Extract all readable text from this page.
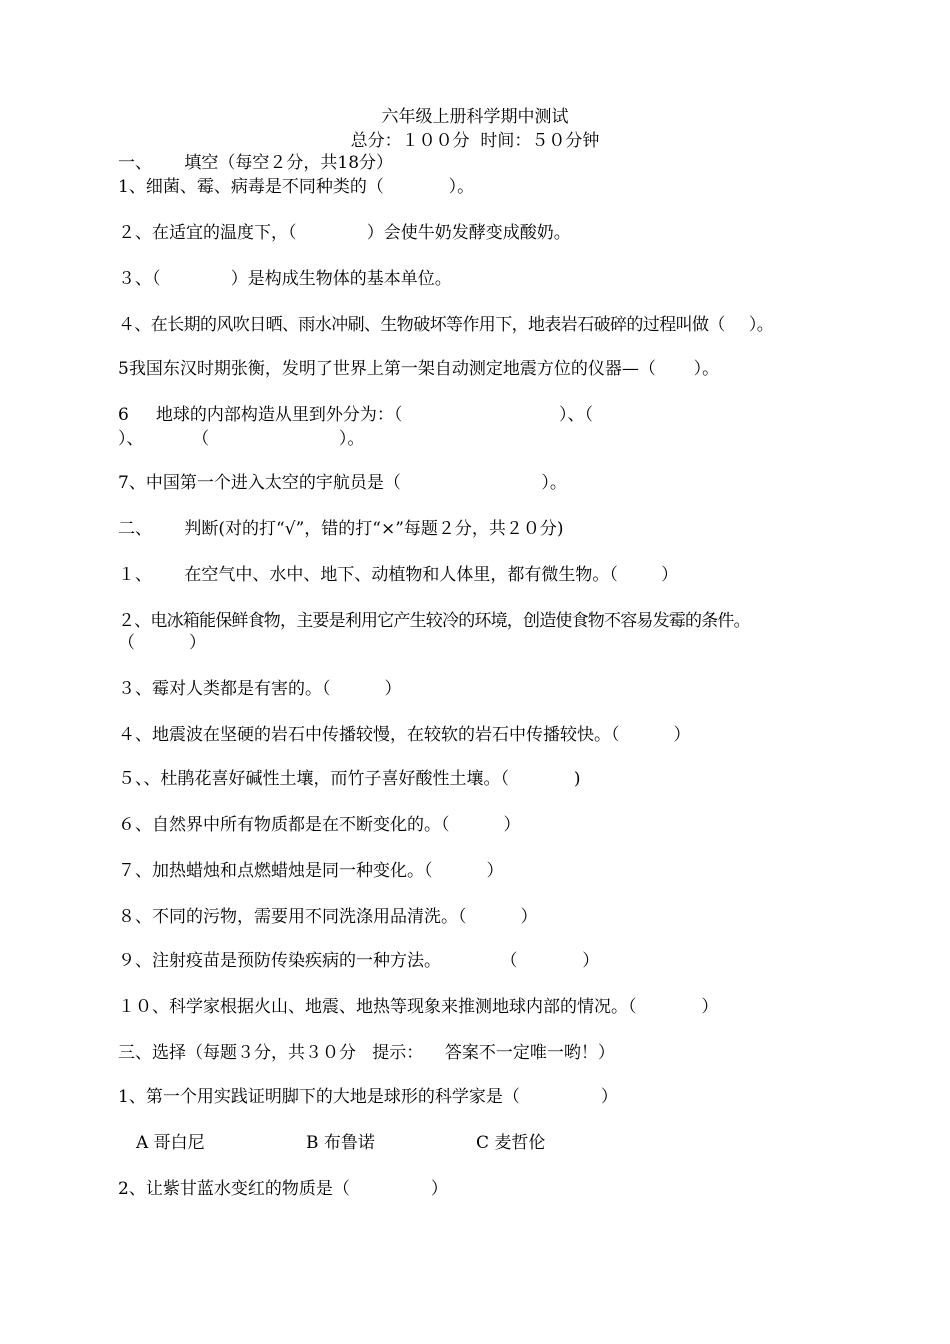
六年级上册科学期中测试
总分：１００分  时间：５０分钟
一、      填空（每空２分，共18分）
1、细菌、霉、病毒是不同种类的（            ）。
２、在适宜的温度下，（             ）会使牛奶发酵变成酸奶。
３、（             ）是构成生物体的基本单位。
４、在长期的风吹日晒、雨水冲刷、生物破坏等作用下，地表岩石破碎的过程叫做（     ）。
5我国东汉时期张衡，发明了世界上第一架自动测定地震方位的仪器—（       ）。
6     地球的内部构造从里到外分为：（                             ）、（
）、         （                        ）。
7、中国第一个进入太空的宇航员是（                          ）。
二、      判断(对的打“√”，错的打“×”每题２分，共２０分)
１、      在空气中、水中、地下、动植物和人体里，都有微生物。（        ）
２、电冰箱能保鲜食物，主要是利用它产生较冷的环境，创造使食物不容易发霉的条件。
（          ）
３、霉对人类都是有害的。（          ）
４、地震波在坚硬的岩石中传播较慢，在较软的岩石中传播较快。（          ）
５、、杜鹃花喜好碱性土壤，而竹子喜好酸性土壤。（            )
６、自然界中所有物质都是在不断变化的。（          ）
７、加热蜡烛和点燃蜡烛是同一种变化。（          ）
８、不同的污物，需要用不同洗涤用品清洗。（          ）
９、注射疫苗是预防传染疾病的一种方法。           （            ）
１０、科学家根据火山、地震、地热等现象来推测地球内部的情况。（            ）
三、选择（每题３分，共３０分   提示：    答案不一定唯一哟！）
1、第一个用实践证明脚下的大地是球形的科学家是（               ）
A 哥白尼	B 布鲁诺	C 麦哲伦
2、让紫甘蓝水变红的物质是（               ）
